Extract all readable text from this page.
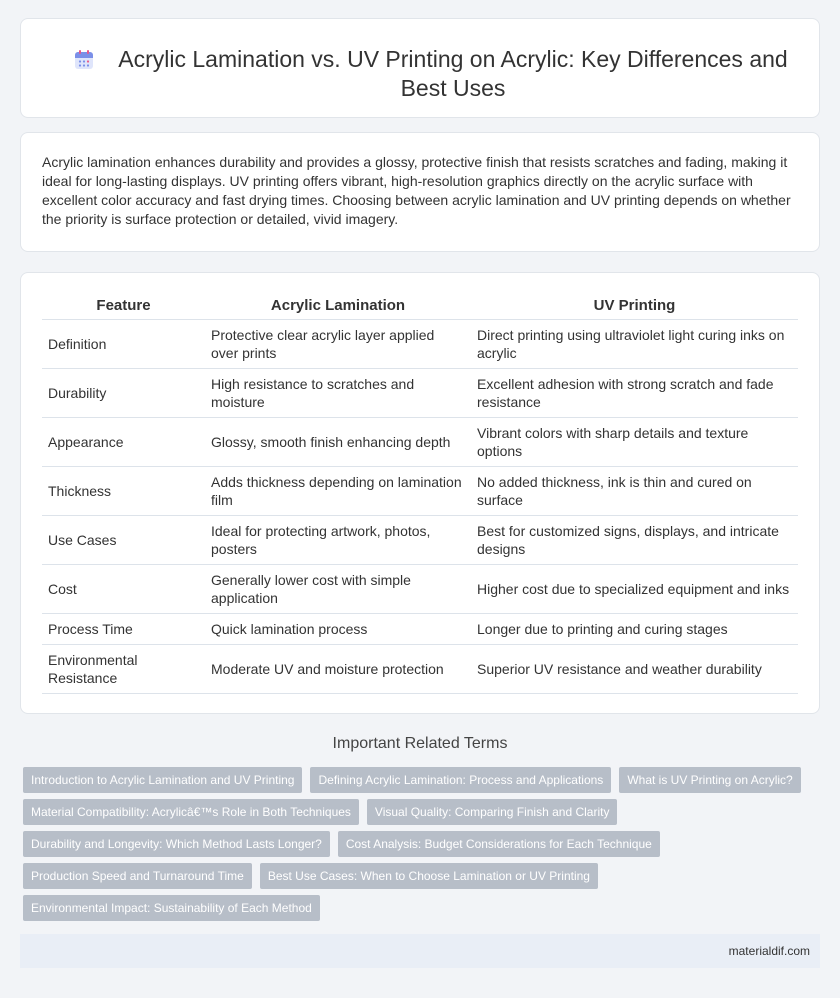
Acrylic Lamination vs. UV Printing on Acrylic: Key Differences and Best Uses

Acrylic lamination enhances durability and provides a glossy, protective finish that resists scratches and fading, making it ideal for long-lasting displays. UV printing offers vibrant, high-resolution graphics directly on the acrylic surface with excellent color accuracy and fast drying times. Choosing between acrylic lamination and UV printing depends on whether the priority is surface protection or detailed, vivid imagery.

Feature	Acrylic Lamination	UV Printing
Definition	Protective clear acrylic layer applied over prints	Direct printing using ultraviolet light curing inks on acrylic
Durability	High resistance to scratches and moisture	Excellent adhesion with strong scratch and fade resistance
Appearance	Glossy, smooth finish enhancing depth	Vibrant colors with sharp details and texture options
Thickness	Adds thickness depending on lamination film	No added thickness, ink is thin and cured on surface
Use Cases	Ideal for protecting artwork, photos, posters	Best for customized signs, displays, and intricate designs
Cost	Generally lower cost with simple application	Higher cost due to specialized equipment and inks
Process Time	Quick lamination process	Longer due to printing and curing stages
Environmental Resistance	Moderate UV and moisture protection	Superior UV resistance and weather durability
Important Related Terms
Introduction to Acrylic Lamination and UV Printing	Defining Acrylic Lamination: Process and Applications	What is UV Printing on Acrylic?
Material Compatibility: Acrylicâ€™s Role in Both Techniques	Visual Quality: Comparing Finish and Clarity
Durability and Longevity: Which Method Lasts Longer?	Cost Analysis: Budget Considerations for Each Technique
Production Speed and Turnaround Time	Best Use Cases: When to Choose Lamination or UV Printing
Environmental Impact: Sustainability of Each Method
materialdif.com
